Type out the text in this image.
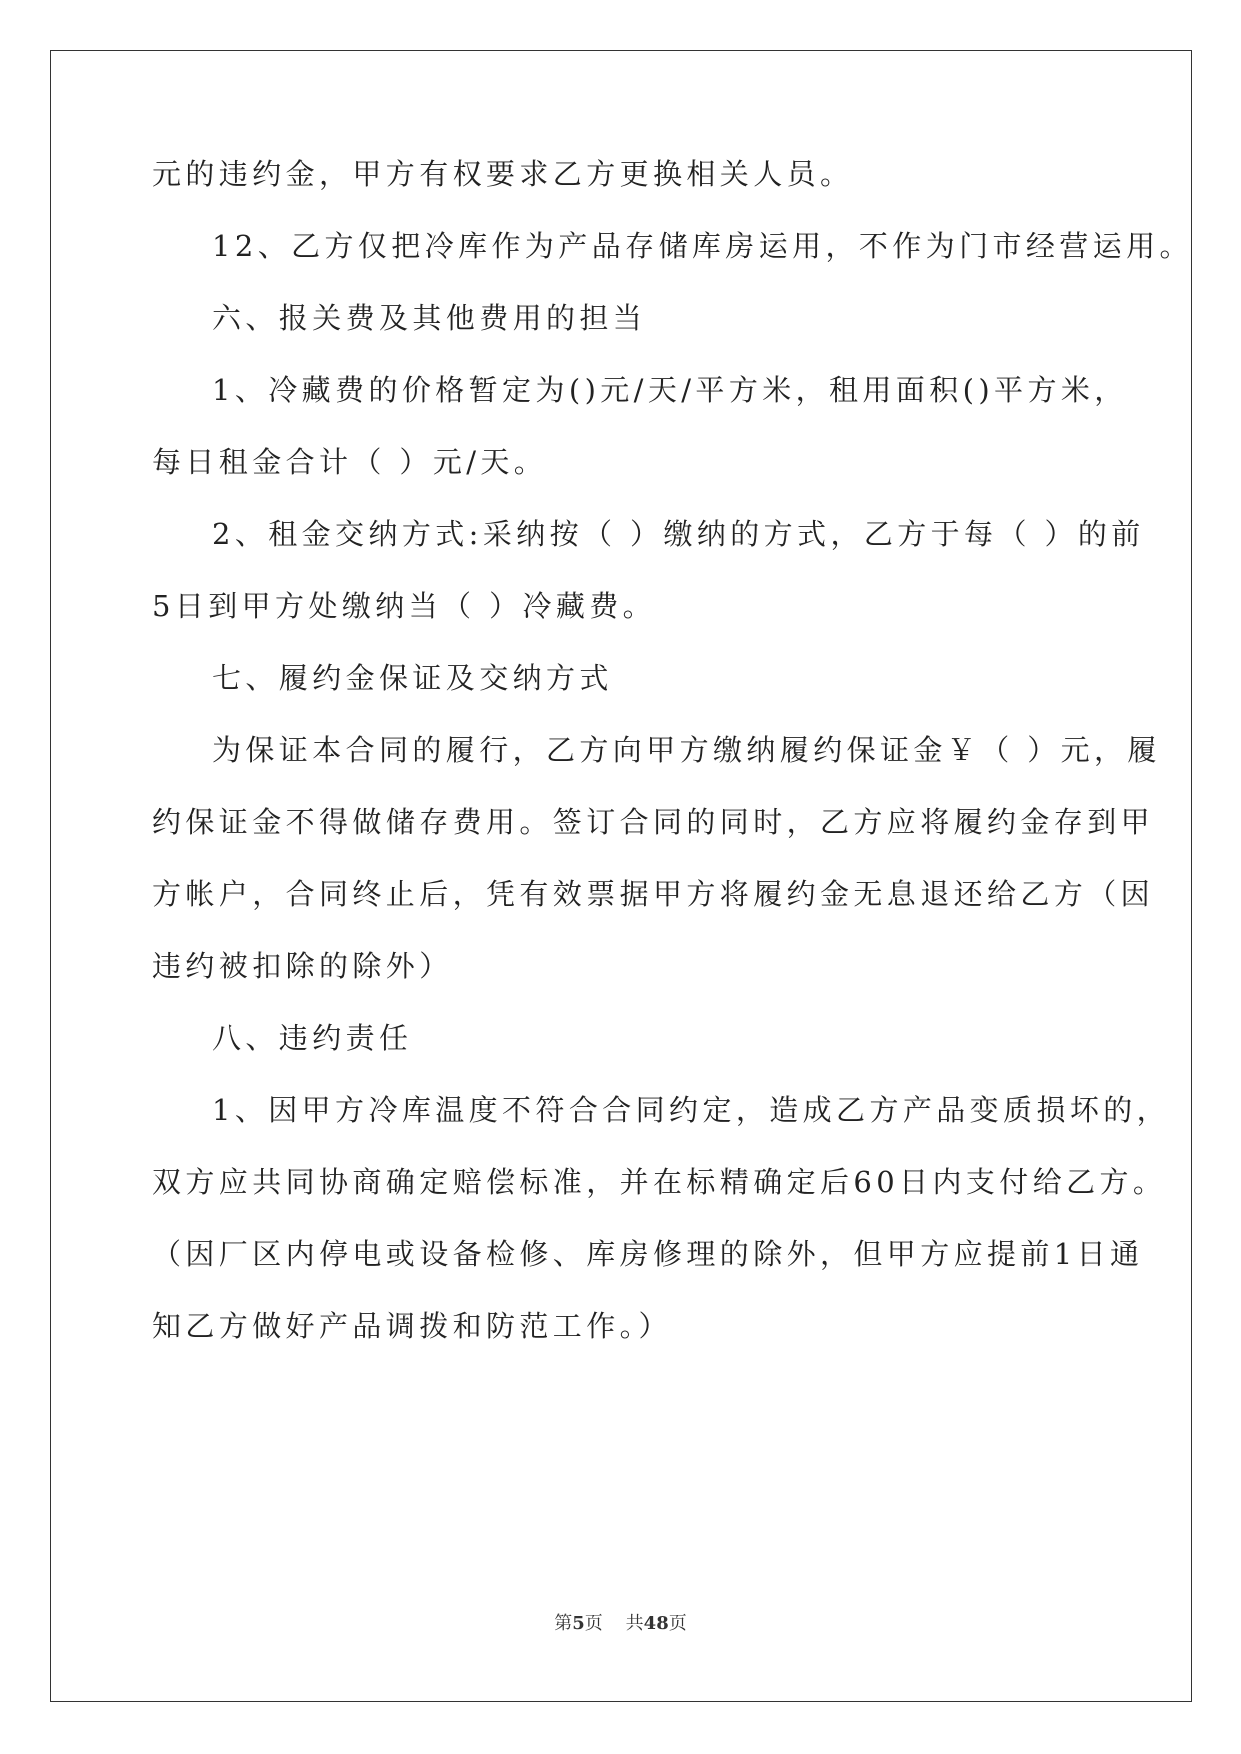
元的违约金，甲方有权要求乙方更换相关人员。
12、乙方仅把冷库作为产品存储库房运用，不作为门市经营运用。
六、报关费及其他费用的担当
1、冷藏费的价格暂定为()元/天/平方米，租用面积()平方米，
每日租金合计（ ）元/天。
2、租金交纳方式:采纳按（ ）缴纳的方式，乙方于每（ ）的前
5日到甲方处缴纳当（ ）冷藏费。
七、履约金保证及交纳方式
为保证本合同的履行，乙方向甲方缴纳履约保证金￥（ ）元，履
约保证金不得做储存费用。签订合同的同时，乙方应将履约金存到甲
方帐户，合同终止后，凭有效票据甲方将履约金无息退还给乙方（因
违约被扣除的除外）
八、违约责任
1、因甲方冷库温度不符合合同约定，造成乙方产品变质损坏的，
双方应共同协商确定赔偿标准，并在标精确定后60日内支付给乙方。
（因厂区内停电或设备检修、库房修理的除外，但甲方应提前1日通
知乙方做好产品调拨和防范工作。）
第5页 共48页
